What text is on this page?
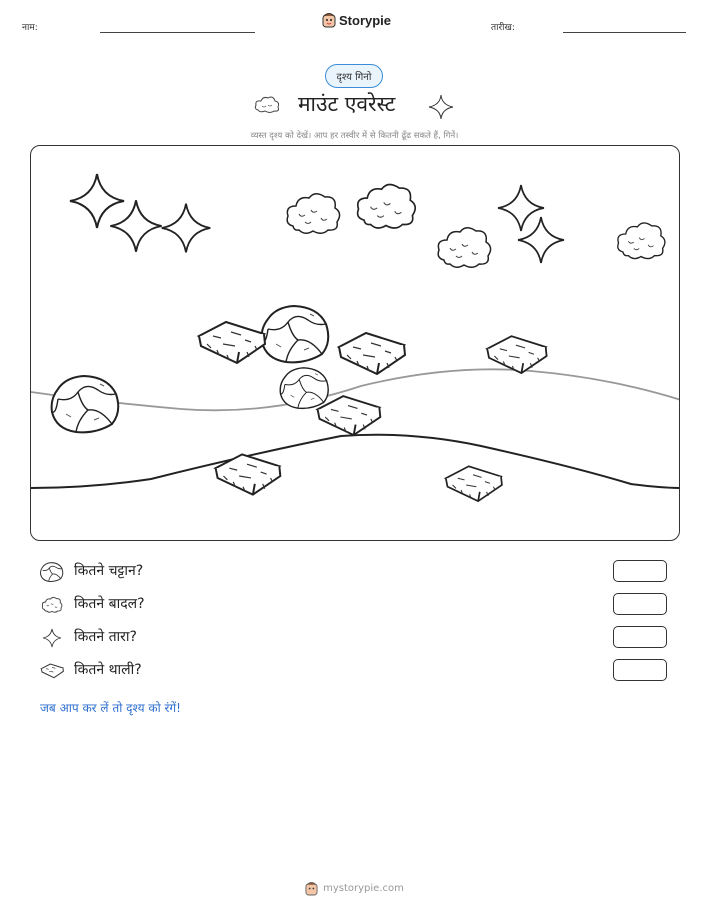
नाम:
Storypie
तारीख:
दृश्य गिनो
माउंट एवरेस्ट
व्यस्त दृश्य को देखें। आप हर तस्वीर में से कितनी ढूँढ सकते हैं, गिनें।
कितने चट्टान?
कितने बादल?
कितने तारा?
कितने थाली?
जब आप कर लें तो दृश्य को रंगें!
mystorypie.com
